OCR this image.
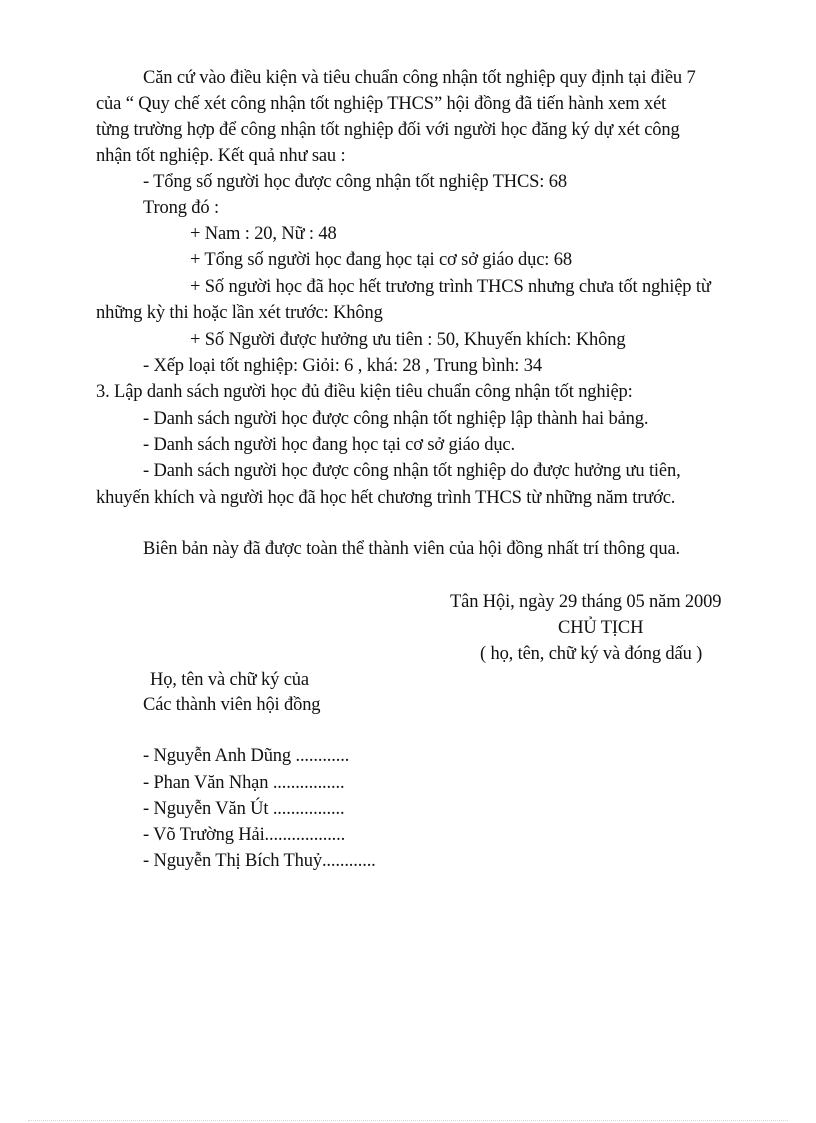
Căn cứ vào điều kiện và tiêu chuẩn công nhận tốt nghiệp quy định tại điều 7
của “ Quy chế xét công nhận tốt nghiệp THCS” hội đồng đã tiến hành xem xét
từng trường hợp để công nhận tốt nghiệp đối với người học đăng ký dự xét công
nhận tốt nghiệp. Kết quả như sau :
- Tổng số người học được công nhận tốt nghiệp THCS: 68
Trong đó :
+ Nam : 20, Nữ : 48
+ Tổng số người học đang học tại cơ sở giáo dục: 68
+ Số người học đã học hết trương trình THCS nhưng chưa tốt nghiệp từ
những kỳ thi hoặc lần xét trước: Không
+ Số Người được hưởng ưu tiên : 50, Khuyến khích: Không
- Xếp loại tốt nghiệp: Giỏi: 6 , khá: 28 , Trung bình: 34
3. Lập danh sách người học đủ điều kiện tiêu chuẩn công nhận tốt nghiệp:
- Danh sách người học được công nhận tốt nghiệp lập thành hai bảng.
- Danh sách người học đang học tại cơ sở giáo dục.
- Danh sách người học được công nhận tốt nghiệp do được hưởng ưu tiên,
khuyến khích và người học đã học hết chương trình THCS từ những năm trước.
Biên bản này đã được toàn thể thành viên của hội đồng nhất trí thông qua.
Tân Hội, ngày 29 tháng 05 năm 2009
CHỦ TỊCH
( họ, tên, chữ ký và đóng dấu )
Họ, tên và chữ ký của
Các thành viên hội đồng
- Nguyễn Anh Dũng ............
- Phan Văn Nhạn ................
- Nguyễn Văn Út ................
- Võ Trường Hải..................
- Nguyễn Thị Bích Thuỷ............
